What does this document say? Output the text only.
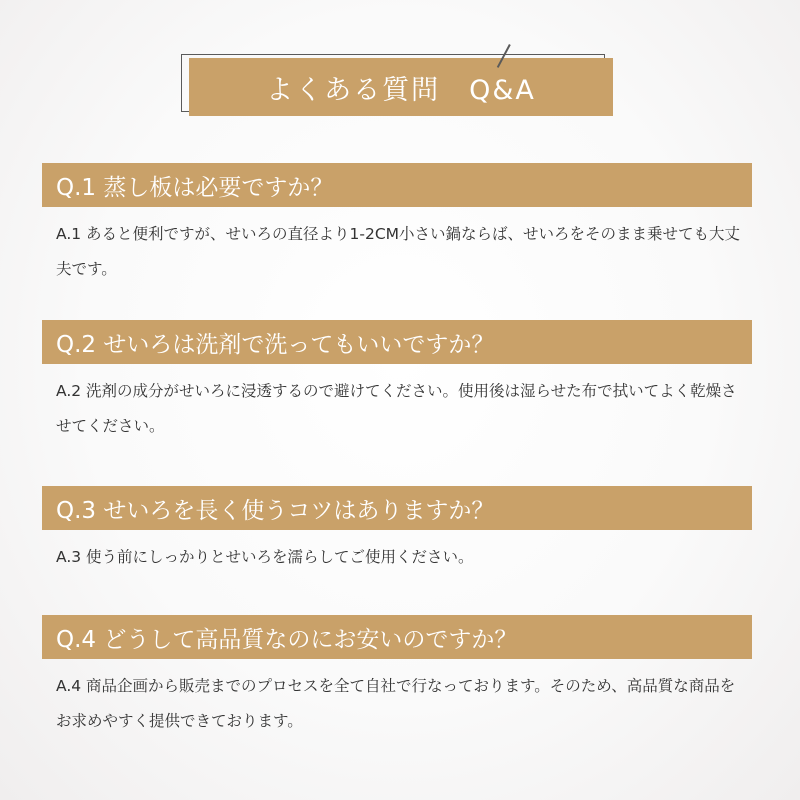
よくある質問　Q&A
Q.1 蒸し板は必要ですか？
A.1 あると便利ですが、せいろの直径より1-2CM小さい鍋ならば、せいろをそのまま乗せても大丈夫です。
Q.2 せいろは洗剤で洗ってもいいですか？
A.2 洗剤の成分がせいろに浸透するので避けてください。使用後は湿らせた布で拭いてよく乾燥させてください。
Q.3 せいろを長く使うコツはありますか？
A.3 使う前にしっかりとせいろを濡らしてご使用ください。
Q.4 どうして高品質なのにお安いのですか？
A.4 商品企画から販売までのプロセスを全て自社で行なっております。そのため、高品質な商品をお求めやすく提供できております。
